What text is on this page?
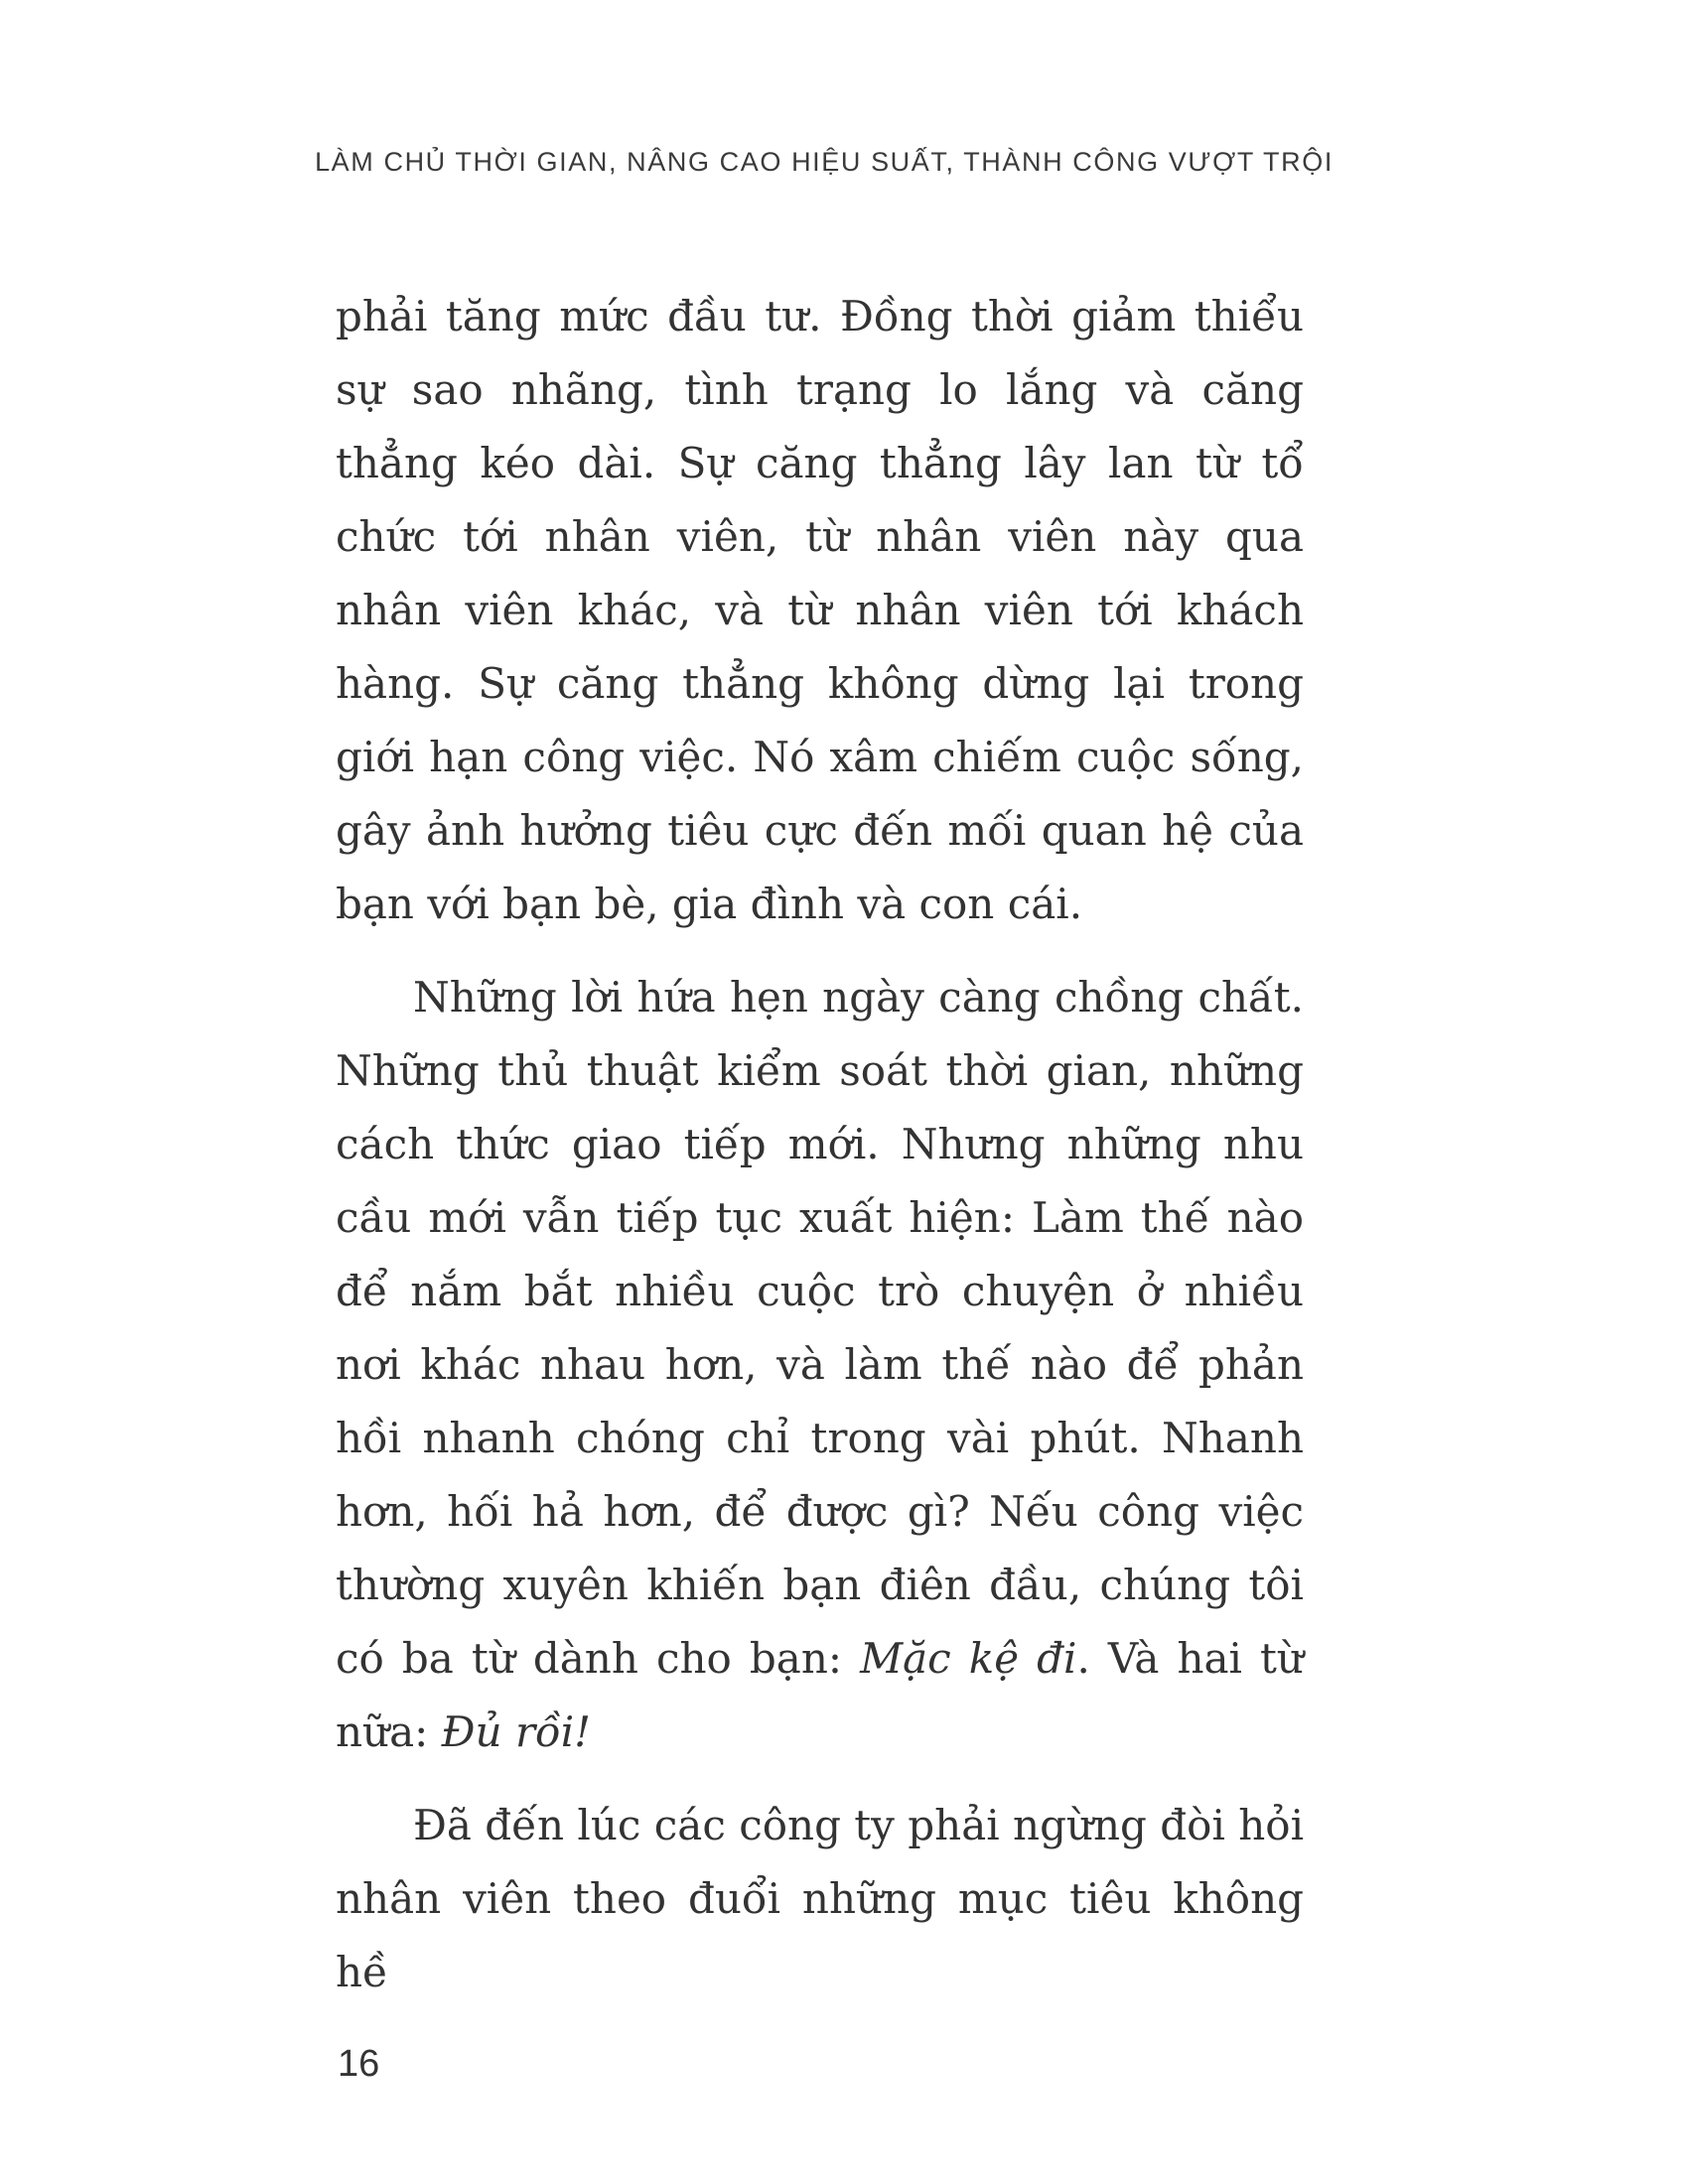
LÀM CHỦ THỜI GIAN, NÂNG CAO HIỆU SUẤT, THÀNH CÔNG VƯỢT TRỘI

phải tăng mức đầu tư. Đồng thời giảm thiểu sự sao nhãng, tình trạng lo lắng và căng thẳng kéo dài. Sự căng thẳng lây lan từ tổ chức tới nhân viên, từ nhân viên này qua nhân viên khác, và từ nhân viên tới khách hàng. Sự căng thẳng không dừng lại trong giới hạn công việc. Nó xâm chiếm cuộc sống, gây ảnh hưởng tiêu cực đến mối quan hệ của bạn với bạn bè, gia đình và con cái.

Những lời hứa hẹn ngày càng chồng chất. Những thủ thuật kiểm soát thời gian, những cách thức giao tiếp mới. Nhưng những nhu cầu mới vẫn tiếp tục xuất hiện: Làm thế nào để nắm bắt nhiều cuộc trò chuyện ở nhiều nơi khác nhau hơn, và làm thế nào để phản hồi nhanh chóng chỉ trong vài phút. Nhanh hơn, hối hả hơn, để được gì? Nếu công việc thường xuyên khiến bạn điên đầu, chúng tôi có ba từ dành cho bạn: Mặc kệ đi. Và hai từ nữa: Đủ rồi!

Đã đến lúc các công ty phải ngừng đòi hỏi nhân viên theo đuổi những mục tiêu không hề

16
